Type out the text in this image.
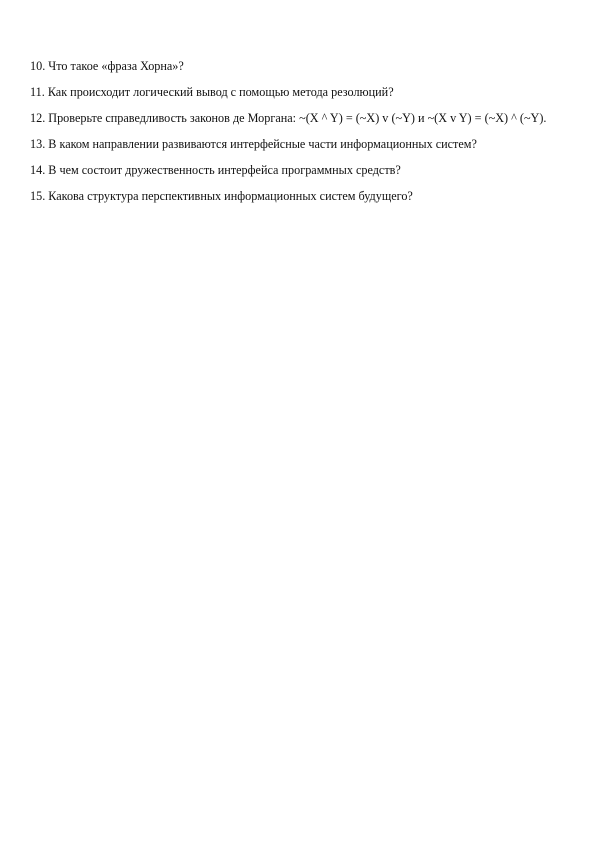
10. Что такое «фраза Хорна»?
11. Как происходит логический вывод с помощью метода резолюций?
12. Проверьте справедливость законов де Моргана: ~(X ^ Y) = (~X) v (~Y) и ~(X v Y) = (~X) ^ (~Y).
13. В каком направлении развиваются интерфейсные части информационных систем?
14. В чем состоит дружественность интерфейса программных средств?
15. Какова структура перспективных информационных систем будущего?
